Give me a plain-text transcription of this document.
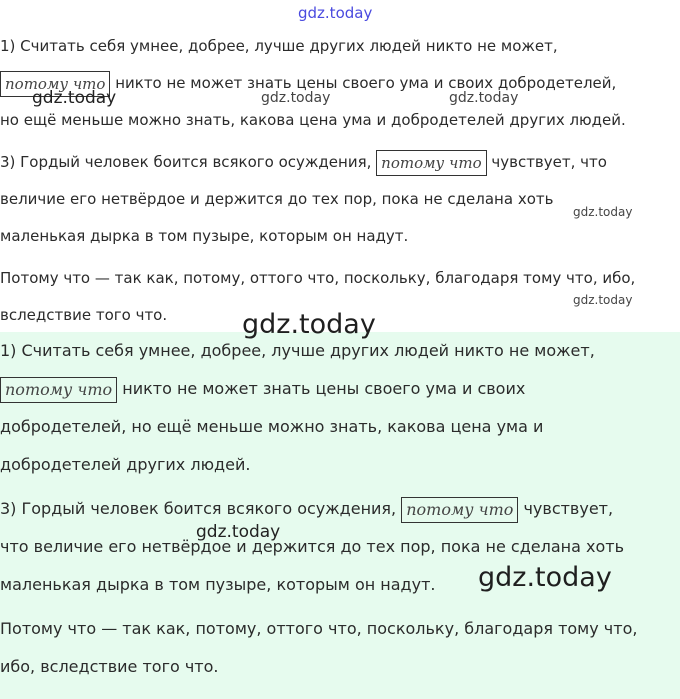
1) Считать себя умнее, добрее, лучше других людей никто не может,

потому что никто не может знать цены своего ума и своих добродетелей,

но ещё меньше можно знать, какова цена ума и добродетелей других людей.

3) Гордый человек боится всякого осуждения, потому что чувствует, что

величие его нетвёрдое и держится до тех пор, пока не сделана хоть

маленькая дырка в том пузыре, которым он надут.

Потому что — так как, потому, оттого что, поскольку, благодаря тому что, ибо,

вследствие того что.

1) Считать себя умнее, добрее, лучше других людей никто не может,

потому что никто не может знать цены своего ума и своих

добродетелей, но ещё меньше можно знать, какова цена ума и

добродетелей других людей.

3) Гордый человек боится всякого осуждения, потому что чувствует,

что величие его нетвёрдое и держится до тех пор, пока не сделана хоть

маленькая дырка в том пузыре, которым он надут.

Потому что — так как, потому, оттого что, поскольку, благодаря тому что,

ибо, вследствие того что.

gdz.today
gdz.today	gdz.today	gdz.today
gdz.today
gdz.today
gdz.today
gdz.today
gdz.today
